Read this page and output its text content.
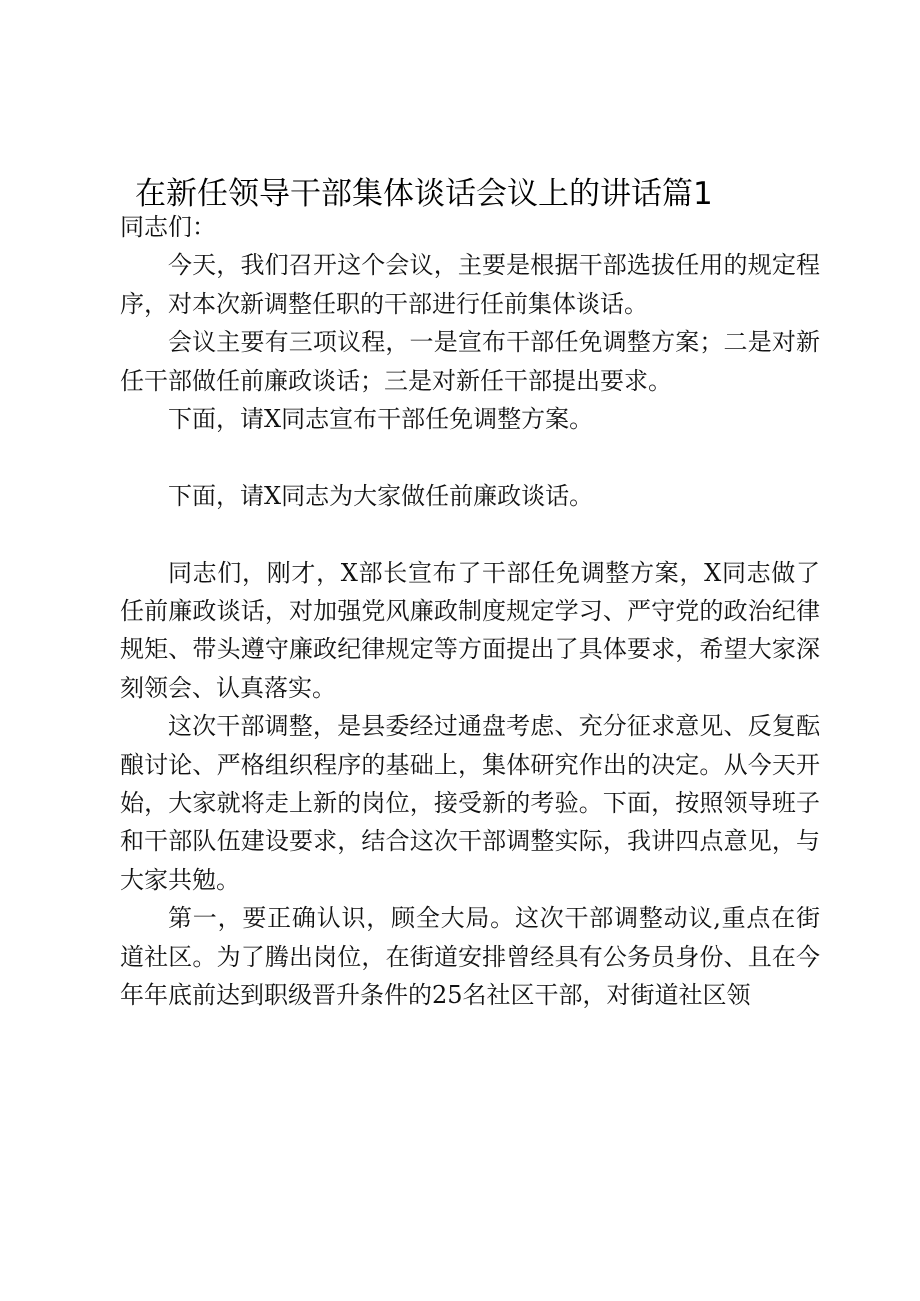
在新任领导干部集体谈话会议上的讲话篇1

同志们：

今天，我们召开这个会议，主要是根据干部选拔任用的规定程序，对本次新调整任职的干部进行任前集体谈话。

会议主要有三项议程，一是宣布干部任免调整方案；二是对新任干部做任前廉政谈话；三是对新任干部提出要求。

下面，请X同志宣布干部任免调整方案。

下面，请X同志为大家做任前廉政谈话。

同志们，刚才，X部长宣布了干部任免调整方案，X同志做了任前廉政谈话，对加强党风廉政制度规定学习、严守党的政治纪律规矩、带头遵守廉政纪律规定等方面提出了具体要求，希望大家深刻领会、认真落实。

这次干部调整，是县委经过通盘考虑、充分征求意见、反复酝酿讨论、严格组织程序的基础上，集体研究作出的决定。从今天开始，大家就将走上新的岗位，接受新的考验。下面，按照领导班子和干部队伍建设要求，结合这次干部调整实际，我讲四点意见，与大家共勉。

第一，要正确认识，顾全大局。这次干部调整动议,重点在街道社区。为了腾出岗位，在街道安排曾经具有公务员身份、且在今年年底前达到职级晋升条件的25名社区干部，对街道社区领
